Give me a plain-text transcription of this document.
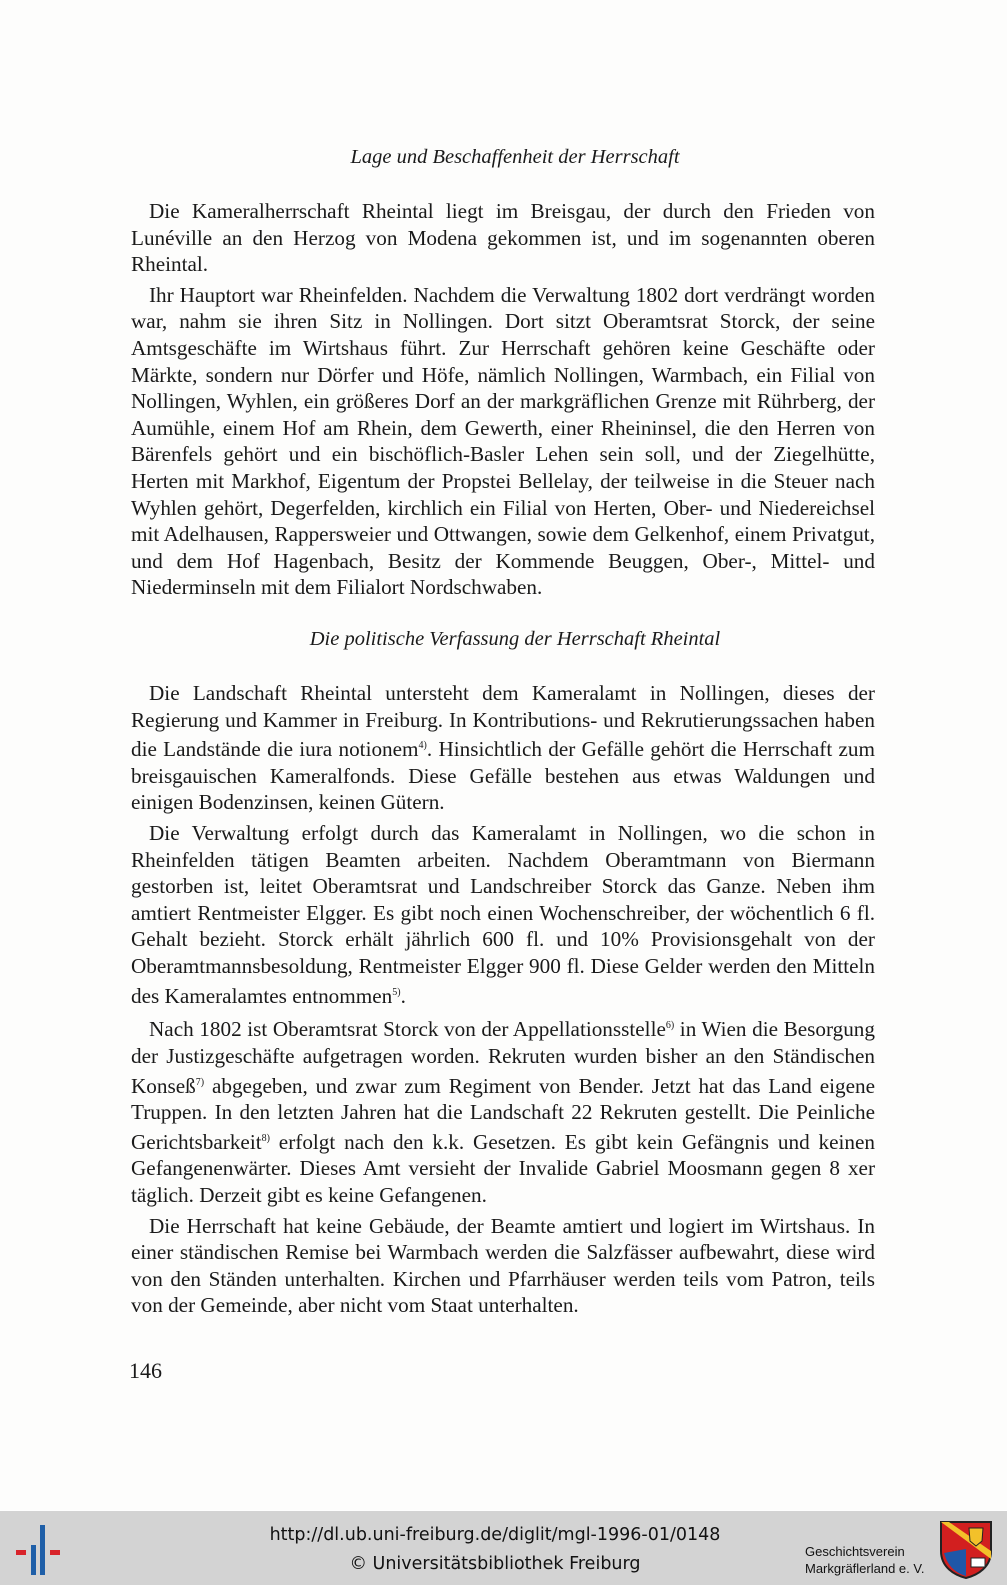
Lage und Beschaffenheit der Herrschaft

Die Kameralherrschaft Rheintal liegt im Breisgau, der durch den Frieden von Lunéville an den Herzog von Modena gekommen ist, und im sogenannten oberen Rheintal.

Ihr Hauptort war Rheinfelden. Nachdem die Verwaltung 1802 dort verdrängt worden war, nahm sie ihren Sitz in Nollingen. Dort sitzt Oberamtsrat Storck, der seine Amtsgeschäfte im Wirtshaus führt. Zur Herrschaft gehören keine Geschäfte oder Märkte, sondern nur Dörfer und Höfe, nämlich Nollingen, Warmbach, ein Filial von Nollingen, Wyhlen, ein größeres Dorf an der markgräflichen Grenze mit Rührberg, der Aumühle, einem Hof am Rhein, dem Gewerth, einer Rheininsel, die den Herren von Bärenfels gehört und ein bischöflich-Basler Lehen sein soll, und der Ziegelhütte, Herten mit Markhof, Eigentum der Propstei Bellelay, der teilweise in die Steuer nach Wyhlen gehört, Degerfelden, kirchlich ein Filial von Herten, Ober- und Niedereichsel mit Adelhausen, Rappersweier und Ottwangen, sowie dem Gelkenhof, einem Privatgut, und dem Hof Hagenbach, Besitz der Kommende Beuggen, Ober-, Mittel- und Niederminseln mit dem Filialort Nordschwaben.

Die politische Verfassung der Herrschaft Rheintal

Die Landschaft Rheintal untersteht dem Kameralamt in Nollingen, dieses der Regierung und Kammer in Freiburg. In Kontributions- und Rekrutierungssachen haben die Landstände die iura notionem$^{4)}$. Hinsichtlich der Gefälle gehört die Herrschaft zum breisgauischen Kameralfonds. Diese Gefälle bestehen aus etwas Waldungen und einigen Bodenzinsen, keinen Gütern.

Die Verwaltung erfolgt durch das Kameralamt in Nollingen, wo die schon in Rheinfelden tätigen Beamten arbeiten. Nachdem Oberamtmann von Biermann gestorben ist, leitet Oberamtsrat und Landschreiber Storck das Ganze. Neben ihm amtiert Rentmeister Elgger. Es gibt noch einen Wochenschreiber, der wöchentlich 6 fl. Gehalt bezieht. Storck erhält jährlich 600 fl. und 10% Provisionsgehalt von der Oberamtmannsbesoldung, Rentmeister Elgger 900 fl. Diese Gelder werden den Mitteln des Kameralamtes entnommen$^{5)}$.

Nach 1802 ist Oberamtsrat Storck von der Appellationsstelle$^{6)}$ in Wien die Besorgung der Justizgeschäfte aufgetragen worden. Rekruten wurden bisher an den Ständischen Konseß$^{7)}$ abgegeben, und zwar zum Regiment von Bender. Jetzt hat das Land eigene Truppen. In den letzten Jahren hat die Landschaft 22 Rekruten gestellt. Die Peinliche Gerichtsbarkeit$^{8)}$ erfolgt nach den k.k. Gesetzen. Es gibt kein Gefängnis und keinen Gefangenenwärter. Dieses Amt versieht der Invalide Gabriel Moosmann gegen 8 xer täglich. Derzeit gibt es keine Gefangenen.

Die Herrschaft hat keine Gebäude, der Beamte amtiert und logiert im Wirtshaus. In einer ständischen Remise bei Warmbach werden die Salzfässer aufbewahrt, diese wird von den Ständen unterhalten. Kirchen und Pfarrhäuser werden teils vom Patron, teils von der Gemeinde, aber nicht vom Staat unterhalten.

146
http://dl.ub.uni-freiburg.de/diglit/mgl-1996-01/0148
© Universitätsbibliothek Freiburg
Geschichtsverein
Markgräflerland e. V.
